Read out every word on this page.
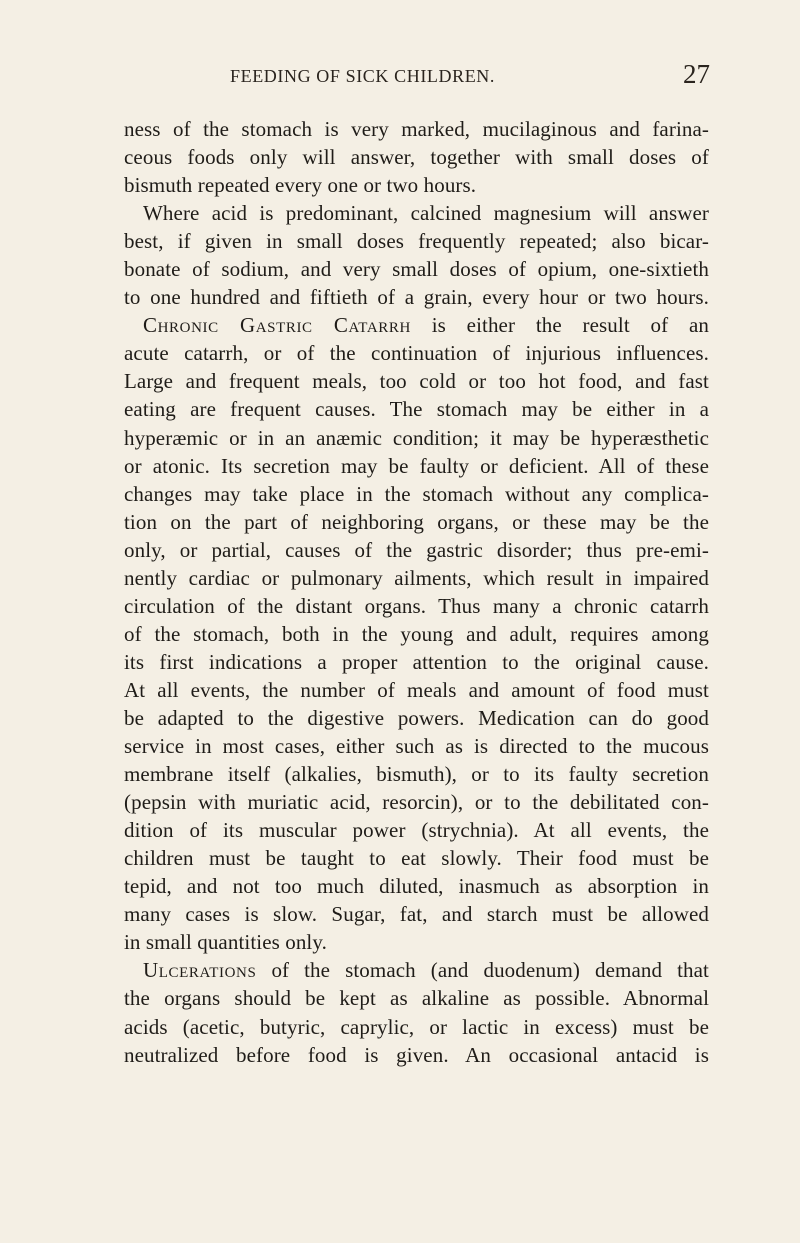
FEEDING OF SICK CHILDREN.	27
ness of the stomach is very marked, mucilaginous and farina-
ceous foods only will answer, together with small doses of
bismuth repeated every one or two hours.
Where acid is predominant, calcined magnesium will answer
best, if given in small doses frequently repeated; also bicar-
bonate of sodium, and very small doses of opium, one-sixtieth
to one hundred and fiftieth of a grain, every hour or two hours.
Chronic Gastric Catarrh is either the result of an
acute catarrh, or of the continuation of injurious influences.
Large and frequent meals, too cold or too hot food, and fast
eating are frequent causes. The stomach may be either in a
hyperæmic or in an anæmic condition; it may be hyperæsthetic
or atonic. Its secretion may be faulty or deficient. All of these
changes may take place in the stomach without any complica-
tion on the part of neighboring organs, or these may be the
only, or partial, causes of the gastric disorder; thus pre-emi-
nently cardiac or pulmonary ailments, which result in impaired
circulation of the distant organs. Thus many a chronic catarrh
of the stomach, both in the young and adult, requires among
its first indications a proper attention to the original cause.
At all events, the number of meals and amount of food must
be adapted to the digestive powers. Medication can do good
service in most cases, either such as is directed to the mucous
membrane itself (alkalies, bismuth), or to its faulty secretion
(pepsin with muriatic acid, resorcin), or to the debilitated con-
dition of its muscular power (strychnia). At all events, the
children must be taught to eat slowly. Their food must be
tepid, and not too much diluted, inasmuch as absorption in
many cases is slow. Sugar, fat, and starch must be allowed
in small quantities only.
Ulcerations of the stomach (and duodenum) demand that
the organs should be kept as alkaline as possible. Abnormal
acids (acetic, butyric, caprylic, or lactic in excess) must be
neutralized before food is given. An occasional antacid is
